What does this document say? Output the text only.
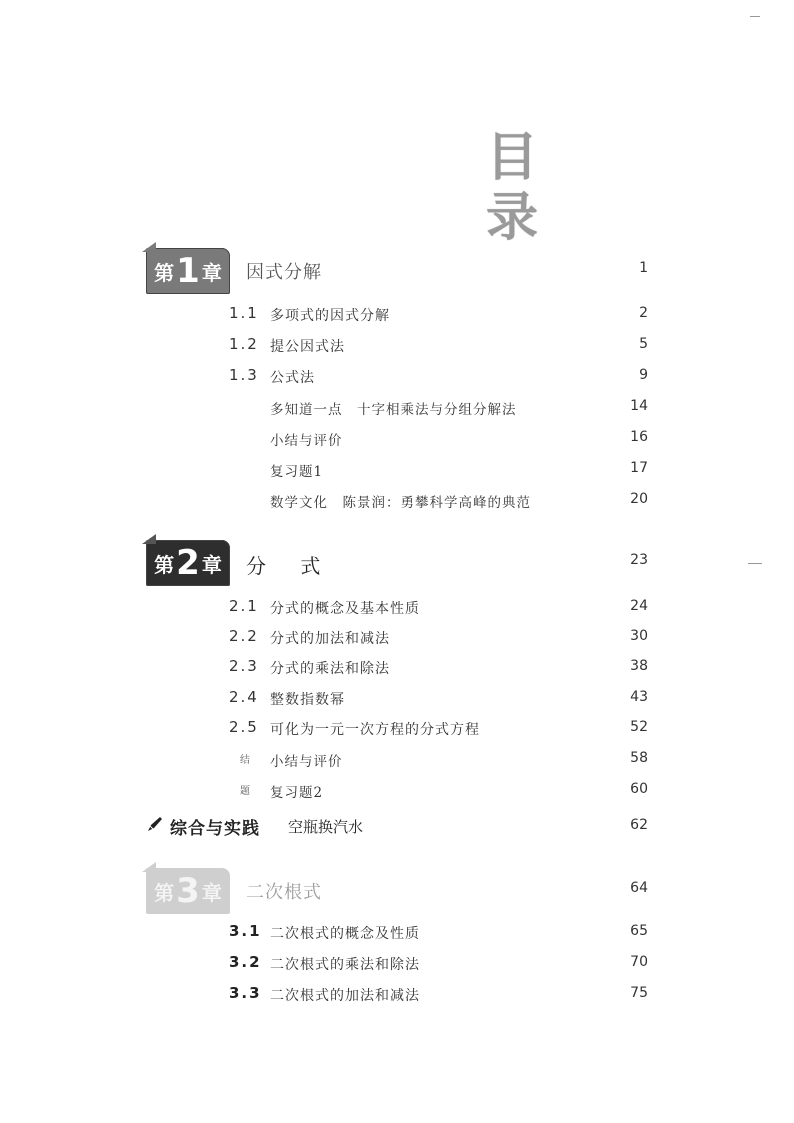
目 录
第 1 章 因式分解	1
1.1 多项式的因式分解	2
1.2 提公因式法	5
1.3 公式法	9
多知道一点　十字相乘法与分组分解法	14
小结与评价	16
复习题1	17
数学文化　陈景润：勇攀科学高峰的典范	20
第 2 章 分 式	23
2.1 分式的概念及基本性质	24
2.2 分式的加法和减法	30
2.3 分式的乘法和除法	38
2.4 整数指数幂	43
2.5 可化为一元一次方程的分式方程	52
结 小结与评价	58
题 复习题2	60
综合与实践 空瓶换汽水	62
第 3 章 二次根式	64
3.1 二次根式的概念及性质	65
3.2 二次根式的乘法和除法	70
3.3 二次根式的加法和减法	75
